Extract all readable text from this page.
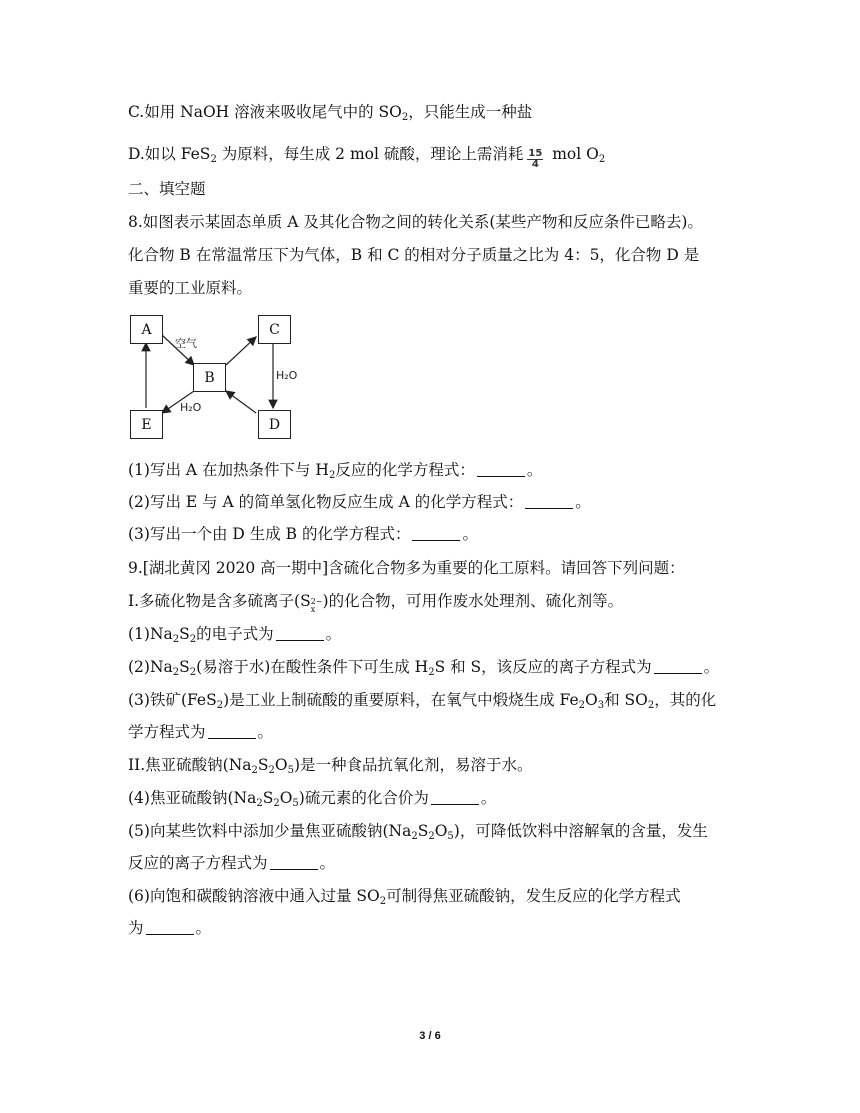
C.如用 NaOH 溶液来吸收尾气中的 $SO_2$，只能生成一种盐
D.如以 FeS$_2$ 为原料，每生成 2 mol 硫酸，理论上需消耗 $\frac{15}{4}$ mol $O_2$
二、填空题
8.如图表示某固态单质 A 及其化合物之间的转化关系(某些产物和反应条件已略去)。
化合物 B 在常温常压下为气体，B 和 C 的相对分子质量之比为 4：5，化合物 D 是
重要的工业原料。
A	C
B
E	D
空气
H₂O
H₂O
(1)写出 A 在加热条件下与 $H_2$反应的化学方程式：	。
(2)写出 E 与 A 的简单氢化物反应生成 A 的化学方程式：	。
(3)写出一个由 D 生成 B 的化学方程式：	。
9.[湖北黄冈 2020 高一期中]含硫化合物多为重要的化工原料。请回答下列问题：
I.多硫化物是含多硫离子(S 2−
x )的化合物，可用作废水处理剂、硫化剂等。
$(1)Na_2S_2$的电子式为	。
$(2)Na_2S_2$(易溶于水)在酸性条件下可生成 $H_2S$ 和 S，该反应的离子方程式为	。
(3)铁矿(FeS$_2$)是工业上制硫酸的重要原料，在氧气中煅烧生成 $Fe_2O_3$和 $SO_2$，其的化
学方程式为	。
II.焦亚硫酸钠$(Na_2S_2O_5)$是一种食品抗氧化剂，易溶于水。
(4)焦亚硫酸钠$(Na_2S_2O_5)$硫元素的化合价为	。
(5)向某些饮料中添加少量焦亚硫酸钠$(Na_2S_2O_5)$，可降低饮料中溶解氧的含量，发生
反应的离子方程式为	。
(6)向饱和碳酸钠溶液中通入过量 $SO_2$可制得焦亚硫酸钠，发生反应的化学方程式
为	。
3 / 6
